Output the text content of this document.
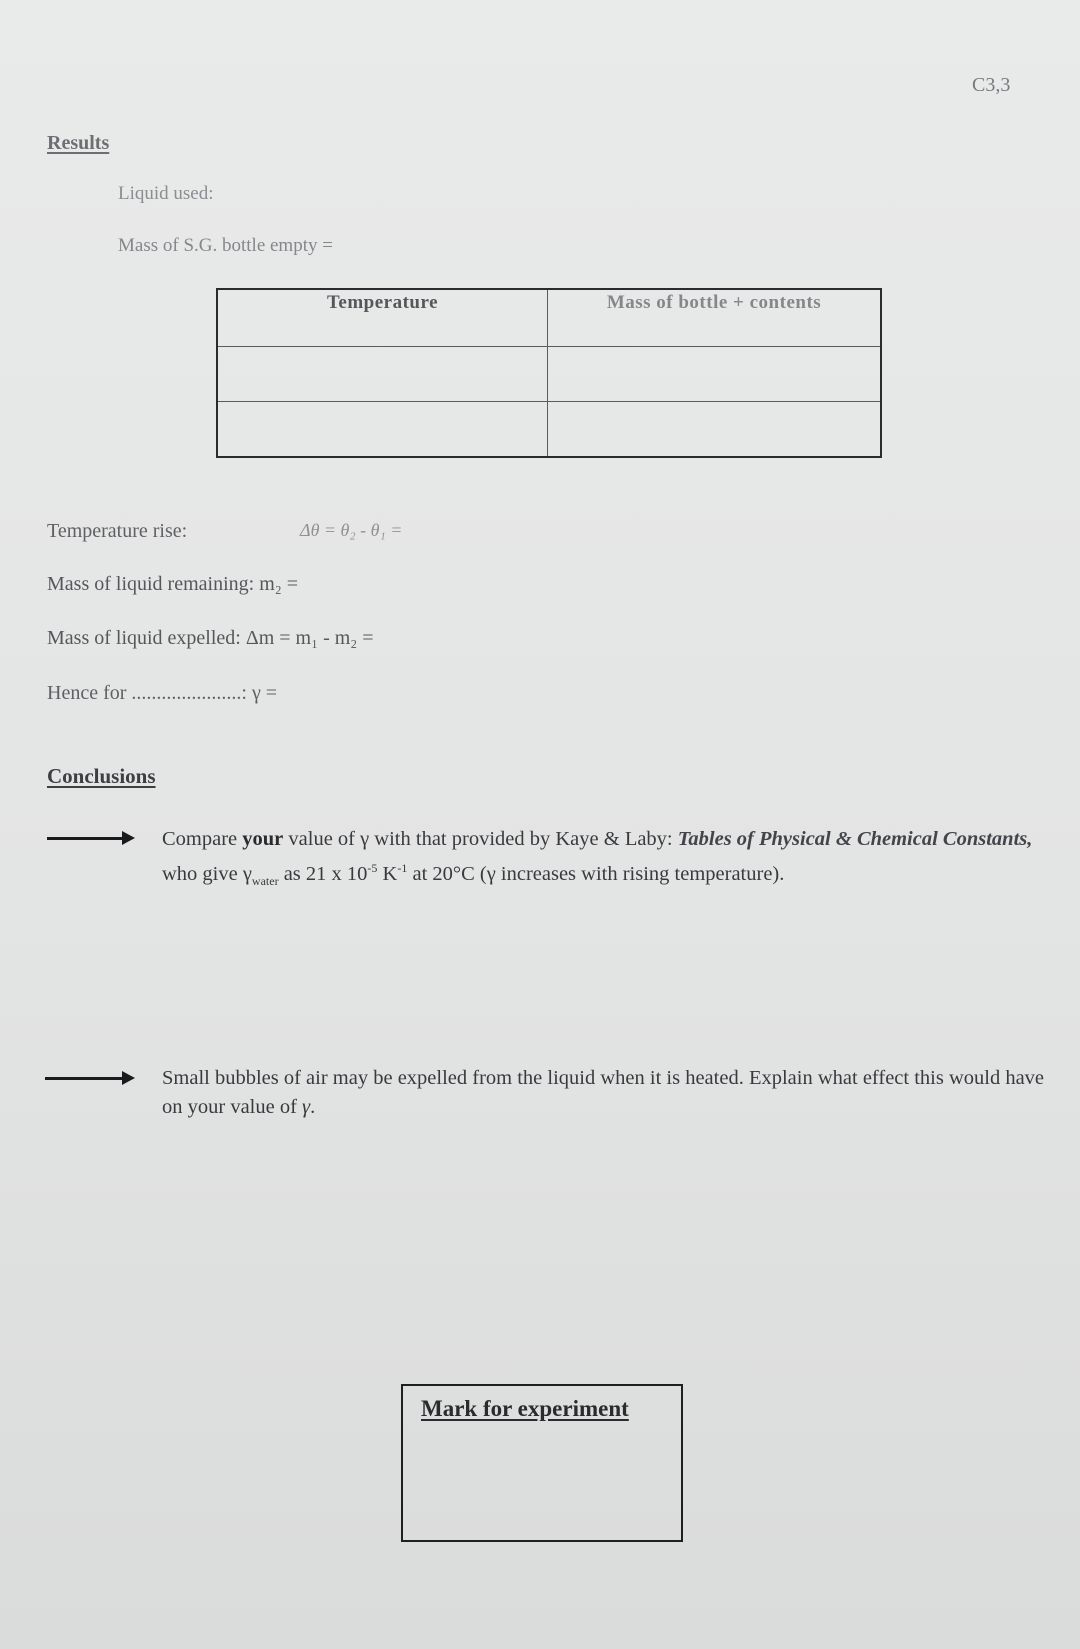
C3,3
Results
Liquid used:
Mass of S.G. bottle empty =
Temperature	Mass of bottle + contents

Temperature rise:	Δθ = θ₂ - θ₁ =
Mass of liquid remaining: m₂ =
Mass of liquid expelled: Δm = m₁ - m₂ =
Hence for ......................: γ =
Conclusions
Compare your value of γ with that provided by Kaye & Laby: Tables of Physical & Chemical Constants, who give $\gamma_{water}$ as 21 x $10^{-5}$ $K^{-1}$ at 20°C (γ increases with rising temperature).
Small bubbles of air may be expelled from the liquid when it is heated. Explain what effect this would have on your value of γ.
Mark for experiment
